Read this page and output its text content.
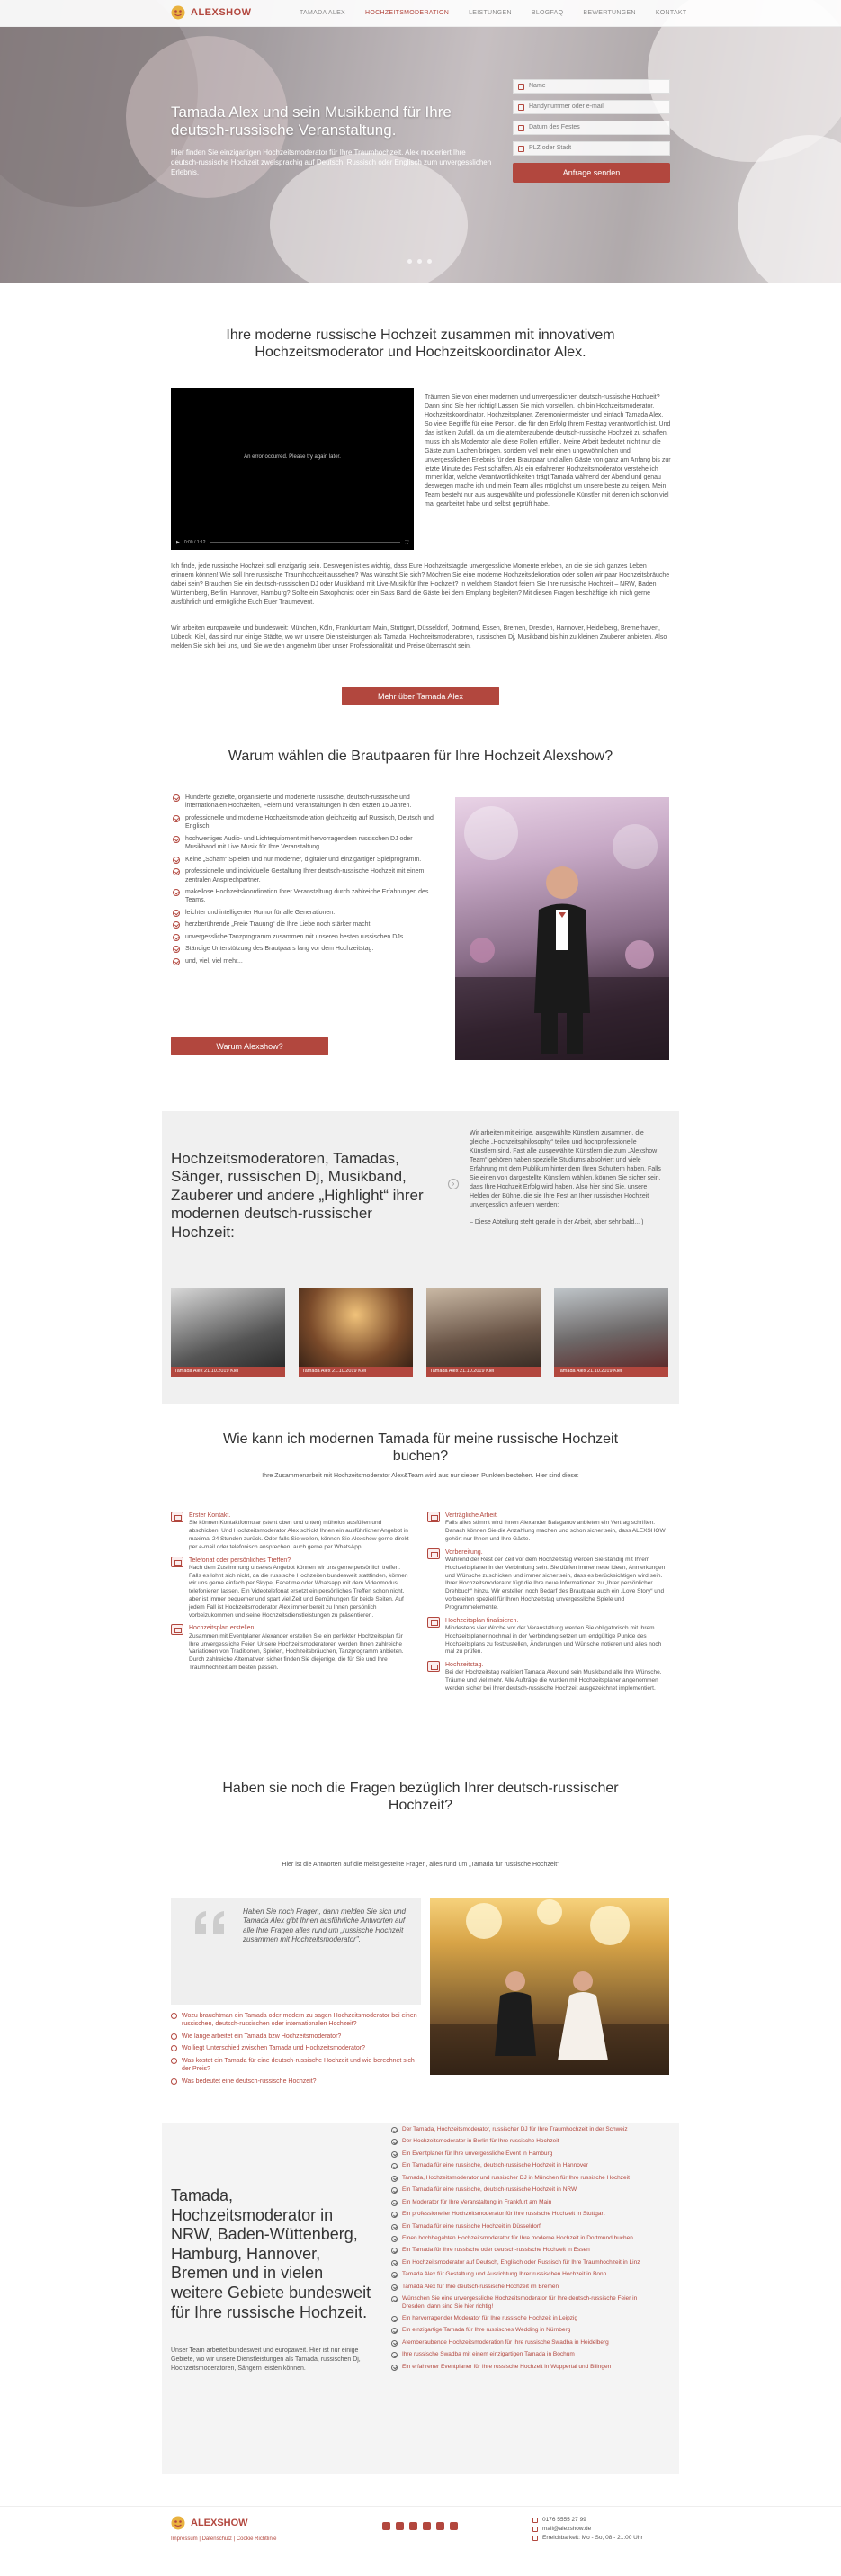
Tamada Alex und sein Musikband für Ihre deutsch-russische Veranstaltung.

Hier finden Sie einzigartigen Hochzeitsmoderator für Ihre Traumhochzeit. Alex moderiert Ihre deutsch-russische Hochzeit zweisprachig auf Deutsch, Russisch oder Englisch zum unvergesslichen Erlebnis.

Name
Handynummer oder e-mail
Datum des Festes
PLZ oder Stadt
Anfrage senden
ALEXSHOW	TAMADA ALEX	HOCHZEITSMODERATION	LEISTUNGEN	BLOGFAQ	BEWERTUNGEN	KONTAKT
Ihre moderne russische Hochzeit zusammen mit innovativem Hochzeitsmoderator und Hochzeitskoordinator Alex.
An error occurred. Please try again later.
▶ 0:00 / 1:12	⛶

Träumen Sie von einer modernen und unvergesslichen deutsch-russische Hochzeit? Dann sind Sie hier richtig! Lassen Sie mich vorstellen, ich bin Hochzeitsmoderator, Hochzeitskoordinator, Hochzeitsplaner, Zeremonienmeister und einfach Tamada Alex. So viele Begriffe für eine Person, die für den Erfolg Ihrem Festtag verantwortlich ist. Und das ist kein Zufall, da um die atemberaubende deutsch-russische Hochzeit zu schaffen, muss ich als Moderator alle diese Rollen erfüllen. Meine Arbeit bedeutet nicht nur die Gäste zum Lachen bringen, sondern viel mehr einen ungewöhnlichen und unvergesslichen Erlebnis für den Brautpaar und allen Gäste von ganz am Anfang bis zur letzte Minute des Fest schaffen. Als ein erfahrener Hochzeitsmoderator verstehe ich immer klar, welche Verantwortlichkeiten trägt Tamada während der Abend und genau deswegen mache ich und mein Team alles möglichst um unsere beste zu zeigen. Mein Team besteht nur aus ausgewählte und professionelle Künstler mit denen ich schon viel mal gearbeitet habe und selbst geprüft habe.

Ich finde, jede russische Hochzeit soll einzigartig sein. Deswegen ist es wichtig, dass Eure Hochzeitstagde unvergessliche Momente erleben, an die sie sich ganzes Leben erinnern können! Wie soll Ihre russische Traumhochzeit aussehen? Was wünscht Sie sich? Möchten Sie eine moderne Hochzeitsdekoration oder sollen wir paar Hochzeitsbräuche dabei sein? Brauchen Sie ein deutsch-russischen DJ oder Musikband mit Live-Musik für Ihre Hochzeit? In welchem Standort feiern Sie Ihre russische Hochzeit – NRW, Baden Württemberg, Berlin, Hannover, Hamburg? Sollte ein Saxophonist oder ein Sass Band die Gäste bei dem Empfang begleiten? Mit diesen Fragen beschäftige ich mich gerne ausführlich und ermögliche Euch Euer Traumevent.

Wir arbeiten europaweite und bundesweit: München, Köln, Frankfurt am Main, Stuttgart, Düsseldorf, Dortmund, Essen, Bremen, Dresden, Hannover, Heidelberg, Bremerhaven, Lübeck, Kiel, das sind nur einige Städte, wo wir unsere Dienstleistungen als Tamada, Hochzeitsmoderatoren, russischen Dj, Musikband bis hin zu kleinen Zauberer anbieten. Also melden Sie sich bei uns, und Sie werden angenehm über unser Professionalität und Preise überrascht sein.

Mehr über Tamada Alex
Warum wählen die Brautpaaren für Ihre Hochzeit Alexshow?
Hunderte gezielte, organisierte und moderierte russische, deutsch-russische und internationalen Hochzeiten, Feiern und Veranstaltungen in den letzten 15 Jahren.
professionelle und moderne Hochzeitsmoderation gleichzeitig auf Russisch, Deutsch und Englisch.
hochwertiges Audio- und Lichtequipment mit hervorragendem russischen DJ oder Musikband mit Live Musik für Ihre Veranstaltung.
Keine „Scham“ Spielen und nur moderner, digitaler und einzigartiger Spielprogramm.
professionelle und individuelle Gestaltung Ihrer deutsch-russische Hochzeit mit einem zentralen Ansprechpartner.
makellose Hochzeitskoordination Ihrer Veranstaltung durch zahlreiche Erfahrungen des Teams.
leichter und intelligenter Humor für alle Generationen.
herzberührende „Freie Trauung“ die Ihre Liebe noch stärker macht.
unvergessliche Tanzprogramm zusammen mit unseren besten russischen DJs.
Ständige Unterstützung des Brautpaars lang vor dem Hochzeitstag.
und, viel, viel mehr...
Warum Alexshow?
Hochzeitsmoderatoren, Tamadas, Sänger, russischen Dj, Musikband, Zauberer und andere „Highlight“ ihrer modernen deutsch-russischer Hochzeit:
›

Wir arbeiten mit einige, ausgewählte Künstlern zusammen, die gleiche „Hochzeitsphilosophy“ teilen und hochprofessionelle Künstlern sind. Fast alle ausgewählte Künstlern die zum „Alexshow Team“ gehören haben spezielle Studiums absolviert und viele Erfahrung mit dem Publikum hinter dem Ihren Schultern haben. Falls Sie einen von dargestellte Künstlern wählen, können Sie sicher sein, dass Ihre Hochzeit Erfolg wird haben. Also hier sind Sie, unsere Helden der Bühne, die sie Ihre Fest an Ihrer russischer Hochzeit unvergesslich anfeuern werden:

– Diese Abteilung steht gerade in der Arbeit, aber sehr bald... )

Tamada Alex 21.10.2019 Kiel	Tamada Alex 21.10.2019 Kiel	Tamada Alex 21.10.2019 Kiel	Tamada Alex 21.10.2019 Kiel
Wie kann ich modernen Tamada für meine russische Hochzeit buchen?

Ihre Zusammenarbeit mit Hochzeitsmoderator Alex&Team wird aus nur sieben Punkten bestehen. Hier sind diese:

Erster Kontakt.
Sie können Kontaktformular (steht oben und unten) mühelos ausfüllen und abschicken. Und Hochzeitsmoderator Alex schickt Ihnen ein ausführlicher Angebot in maximal 24 Stunden zurück. Oder falls Sie wollen, können Sie Alexshow gerne direkt per e-mail oder telefonisch ansprechen, auch gerne per WhatsApp.
Telefonat oder persönliches Treffen?
Nach dem Zustimmung unseres Angebot können wir uns gerne persönlich treffen. Falls es lohnt sich nicht, da die russische Hochzeiten bundesweit stattfinden, können wir uns gerne einfach per Skype, Facetime oder Whatsapp mit dem Videomodus telefonieren lassen. Ein Videotelefonat ersetzt ein persönliches Treffen schon nicht, aber ist immer bequemer und spart viel Zeit und Bemühungen für beide Seiten. Auf jedem Fall ist Hochzeitsmoderator Alex immer bereit zu Ihnen persönlich vorbeizukommen und seine Hochzeitsdienstleistungen zu präsentieren.
Hochzeitsplan erstellen.
Zusammen mit Eventplaner Alexander erstellen Sie ein perfekter Hochzeitsplan für Ihre unvergessliche Feier. Unsere Hochzeitsmoderatoren werden Ihnen zahlreiche Variationen von Traditionen, Spielen, Hochzeitsbräuchen, Tanzprogramm anbieten. Durch zahlreiche Alternativen sicher finden Sie diejenige, die für Sie und Ihre Traumhochzeit am besten passen.
Verträgliche Arbeit.
Falls alles stimmt wird Ihnen Alexander Balaganov anbieten ein Vertrag schriften. Danach können Sie die Anzahlung machen und schon sicher sein, dass ALEXSHOW gehört nur Ihnen und Ihre Gäste.
Vorbereitung.
Während der Rest der Zeit vor dem Hochzeitstag werden Sie ständig mit Ihrem Hochzeitsplaner in der Verbindung sein. Sie dürfen immer neue Ideen, Anmerkungen und Wünsche zuschicken und immer sicher sein, dass es berücksichtigen wird sein. Ihrer Hochzeitsmoderator fügt die Ihre neue Informationen zu „Ihrer persönlicher Drehbuch“ hinzu. Wir erstellen noch Bedarf des Brautpaar auch ein „Love Story“ und vorbereiten speziell für Ihren Hochzeitstag unvergessliche Spiele und Programmelemente.
Hochzeitsplan finalisieren.
Mindestens vier Woche vor der Veranstaltung werden Sie obligatorisch mit Ihrem Hochzeitsplaner nochmal in der Verbindung setzen um endgültige Punkte des Hochzeitsplans zu festzustellen, Änderungen und Wünsche notieren und alles noch mal zu prüfen.
Hochzeitstag.
Bei der Hochzeitstag realisiert Tamada Alex und sein Musikband alle Ihre Wünsche, Träume und viel mehr. Alle Aufträge die wurden mit Hochzeitsplaner angenommen werden sicher bei Ihrer deutsch-russische Hochzeit ausgezeichnet implementiert.
Haben sie noch die Fragen bezüglich Ihrer deutsch-russischer Hochzeit?

Hier ist die Antworten auf die meist gestellte Fragen, alles rund um „Tamada für russische Hochzeit“

Haben Sie noch Fragen, dann melden Sie sich und Tamada Alex gibt Ihnen ausführliche Antworten auf alle Ihre Fragen alles rund um „russische Hochzeit zusammen mit Hochzeitsmoderator".

Wozu brauchtman ein Tamada oder modern zu sagen Hochzeitsmoderator bei einen russischen, deutsch-russischen oder internationalen Hochzeit?
Wie lange arbeitet ein Tamada bzw Hochzeitsmoderator?
Wo liegt Unterschied zwischen Tamada und Hochzeitsmoderator?
Was kostet ein Tamada für eine deutsch-russische Hochzeit und wie berechnet sich der Preis?
Was bedeutet eine deutsch-russische Hochzeit?
Tamada, Hochzeitsmoderator in NRW, Baden-Wüttenberg, Hamburg, Hannover, Bremen und in vielen weitere Gebiete bundesweit für Ihre russische Hochzeit.

Unser Team arbeitet bundesweit und europaweit. Hier ist nur einige Gebiete, wo wir unsere Dienstleistungen als Tamada, russischen Dj, Hochzeitsmoderatoren, Sängern leisten können.

Der Tamada, Hochzeitsmoderator, russischer DJ für Ihre Traumhochzeit in der Schweiz
Der Hochzeitsmoderator in Berlin für Ihre russische Hochzeit
Ein Eventplaner für Ihre unvergessliche Event in Hamburg
Ein Tamada für eine russische, deutsch-russische Hochzeit in Hannover
Tamada, Hochzeitsmoderator und russischer DJ in München für Ihre russische Hochzeit
Ein Tamada für eine russische, deutsch-russische Hochzeit in NRW
Ein Moderator für Ihre Veranstaltung in Frankfurt am Main
Ein professioneller Hochzeitsmoderator für Ihre russische Hochzeit in Stuttgart
Ein Tamada für eine russische Hochzeit in Düsseldorf
Einen hochbegabten Hochzeitsmoderator für Ihre moderne Hochzeit in Dortmund buchen
Ein Tamada für Ihre russische oder deutsch-russische Hochzeit in Essen
Ein Hochzeitsmoderator auf Deutsch, Englisch oder Russisch für Ihre Traumhochzeit in Linz
Tamada Alex für Gestaltung und Ausrichtung Ihrer russischen Hochzeit in Bonn
Tamada Alex für Ihre deutsch-russische Hochzeit im Bremen
Wünschen Sie eine unvergessliche Hochzeitsmoderator für Ihre deutsch-russische Feier in Dresden, dann sind Sie hier richtig!
Ein hervorragender Moderator für Ihre russische Hochzeit in Leipzig
Ein einzigartige Tamada für Ihre russisches Wedding in Nürnberg
Atemberaubende Hochzeitsmoderation für Ihre russische Swadba in Heidelberg
Ihre russische Swadba mit einem einzigartigen Tamada in Bochum
Ein erfahrener Eventplaner für Ihre russische Hochzeit in Wuppertal und Bilingen
ALEXSHOW
Impressum | Datenschutz | Cookie Richtlinie
0176 5555 27 99
mail@alexshow.de
Erreichbarkeit: Mo - So, 08 - 21:00 Uhr
